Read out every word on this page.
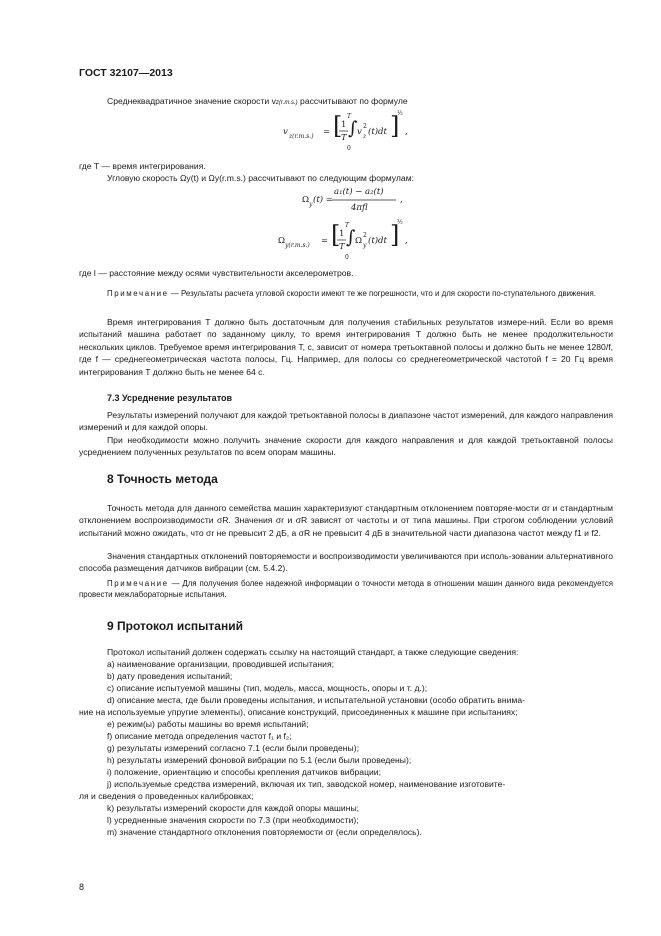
ГОСТ 32107—2013
Среднеквадратичное значение скорости vz(r.m.s.) рассчитывают по формуле
v z(r.m.s.) = [
1
T
T
∫
0
v
2
z (t)dt ]
½
,
где T — время интегрирования.
Угловую скорость Ωy(t) и Ωy(r.m.s.) рассчитывают по следующим формулам:
Ω y (t) =
a₁(t) − a₂(t)
4πfl
,
Ω y(r.m.s.) = [
1
T
T
∫
0
Ω
2
y (t)dt ]
½
,
где l — расстояние между осями чувствительности акселерометров.
Примечание — Результаты расчета угловой скорости имеют те же погрешности, что и для скорости по-ступательного движения.
Время интегрирования T должно быть достаточным для получения стабильных результатов измере-ний. Если во время испытаний машина работает по заданному циклу, то время интегрирования T должно быть не менее продолжительности нескольких циклов. Требуемое время интегрирования T, с, зависит от номера третьоктавной полосы и должно быть не менее 1280/f, где f — среднегеометрическая частота полосы, Гц. Например, для полосы со среднегеометрической частотой f = 20 Гц время интегрирования T должно быть не менее 64 с.
7.3 Усреднение результатов
Результаты измерений получают для каждой третьоктавной полосы в диапазоне частот измерений, для каждого направления измерений и для каждой опоры.
При необходимости можно получить значение скорости для каждого направления и для каждой третьоктавной полосы усреднением полученных результатов по всем опорам машины.
8 Точность метода
Точность метода для данного семейства машин характеризуют стандартным отклонением повторяе-мости σr и стандартным отклонением воспроизводимости σR. Значения σr и σR зависят от частоты и от типа машины. При строгом соблюдении условий испытаний можно ожидать, что σr не превысит 2 дБ, а σR не превысит 4 дБ в значительной части диапазона частот между f1 и f2.
Значения стандартных отклонений повторяемости и воспроизводимости увеличиваются при исполь-зовании альтернативного способа размещения датчиков вибрации (см. 5.4.2).
Примечание — Для получения более надежной информации о точности метода в отношении машин данного вида рекомендуется провести межлабораторные испытания.
9 Протокол испытаний
Протокол испытаний должен содержать ссылку на настоящий стандарт, а также следующие сведения:
а) наименование организации, проводившей испытания;
b) дату проведения испытаний;
с) описание испытуемой машины (тип, модель, масса, мощность, опоры и т. д.);
d) описание места, где были проведены испытания, и испытательной установки (особо обратить внима-
ние на используемые упругие элементы), описание конструкций, присоединенных к машине при испытаниях;
е) режим(ы) работы машины во время испытаний;
f) описание метода определения частот f₁ и f₂;
g) результаты измерений согласно 7.1 (если были проведены);
h) результаты измерений фоновой вибрации по 5.1 (если были проведены);
i) положение, ориентацию и способы крепления датчиков вибрации;
j) используемые средства измерений, включая их тип, заводской номер, наименование изготовите-
ля и сведения о проведенных калибровках;
k) результаты измерений скорости для каждой опоры машины;
l) усредненные значения скорости по 7.3 (при необходимости);
m) значение стандартного отклонения повторяемости σr (если определялось).
8
